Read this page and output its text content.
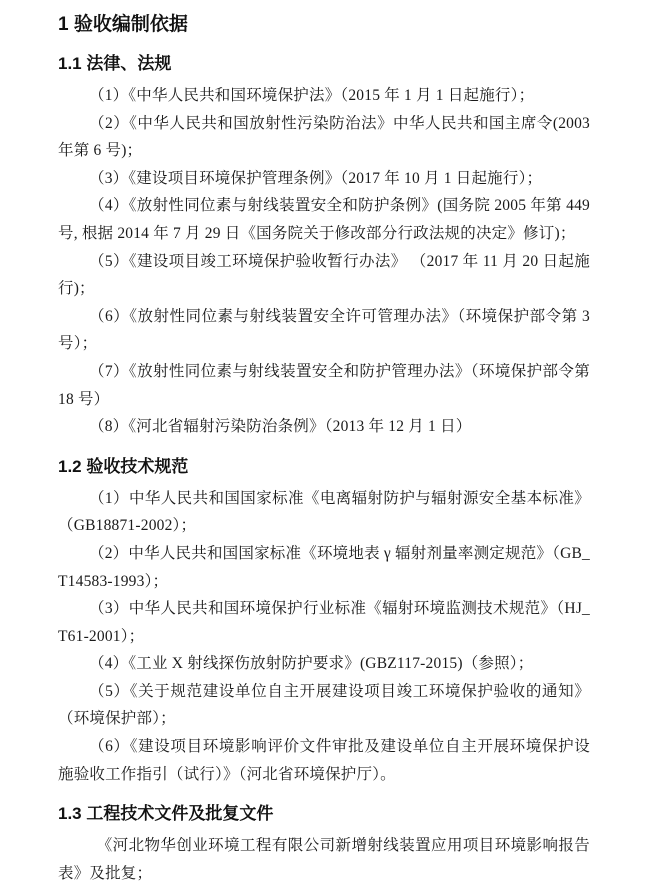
1 验收编制依据
1.1 法律、法规

（1）《中华人民共和国环境保护法》（2015 年 1 月 1 日起施行）；

（2）《中华人民共和国放射性污染防治法》中华人民共和国主席令(2003 年第 6 号)；

（3）《建设项目环境保护管理条例》（2017 年 10 月 1 日起施行）；

（4）《放射性同位素与射线装置安全和防护条例》(国务院 2005 年第 449 号, 根据 2014 年 7 月 29 日《国务院关于修改部分行政法规的决定》修订)；

（5）《建设项目竣工环境保护验收暂行办法》 （2017 年 11 月 20 日起施行)；

（6）《放射性同位素与射线装置安全许可管理办法》（环境保护部令第 3 号）；

（7）《放射性同位素与射线装置安全和防护管理办法》（环境保护部令第 18 号）

（8）《河北省辐射污染防治条例》（2013 年 12 月 1 日）

1.2 验收技术规范

（1）中华人民共和国国家标准《电离辐射防护与辐射源安全基本标准》（GB18871-2002）；

（2）中华人民共和国国家标准《环境地表 γ 辐射剂量率测定规范》（GB_T14583-1993）；

（3）中华人民共和国环境保护行业标准《辐射环境监测技术规范》（HJ_T61-2001）；

（4）《工业 X 射线探伤放射防护要求》(GBZ117-2015)（参照）；

（5）《关于规范建设单位自主开展建设项目竣工环境保护验收的通知》（环境保护部）；

（6）《建设项目环境影响评价文件审批及建设单位自主开展环境保护设施验收工作指引（试行）》（河北省环境保护厅）。

1.3 工程技术文件及批复文件

《河北物华创业环境工程有限公司新增射线装置应用项目环境影响报告表》及批复；
